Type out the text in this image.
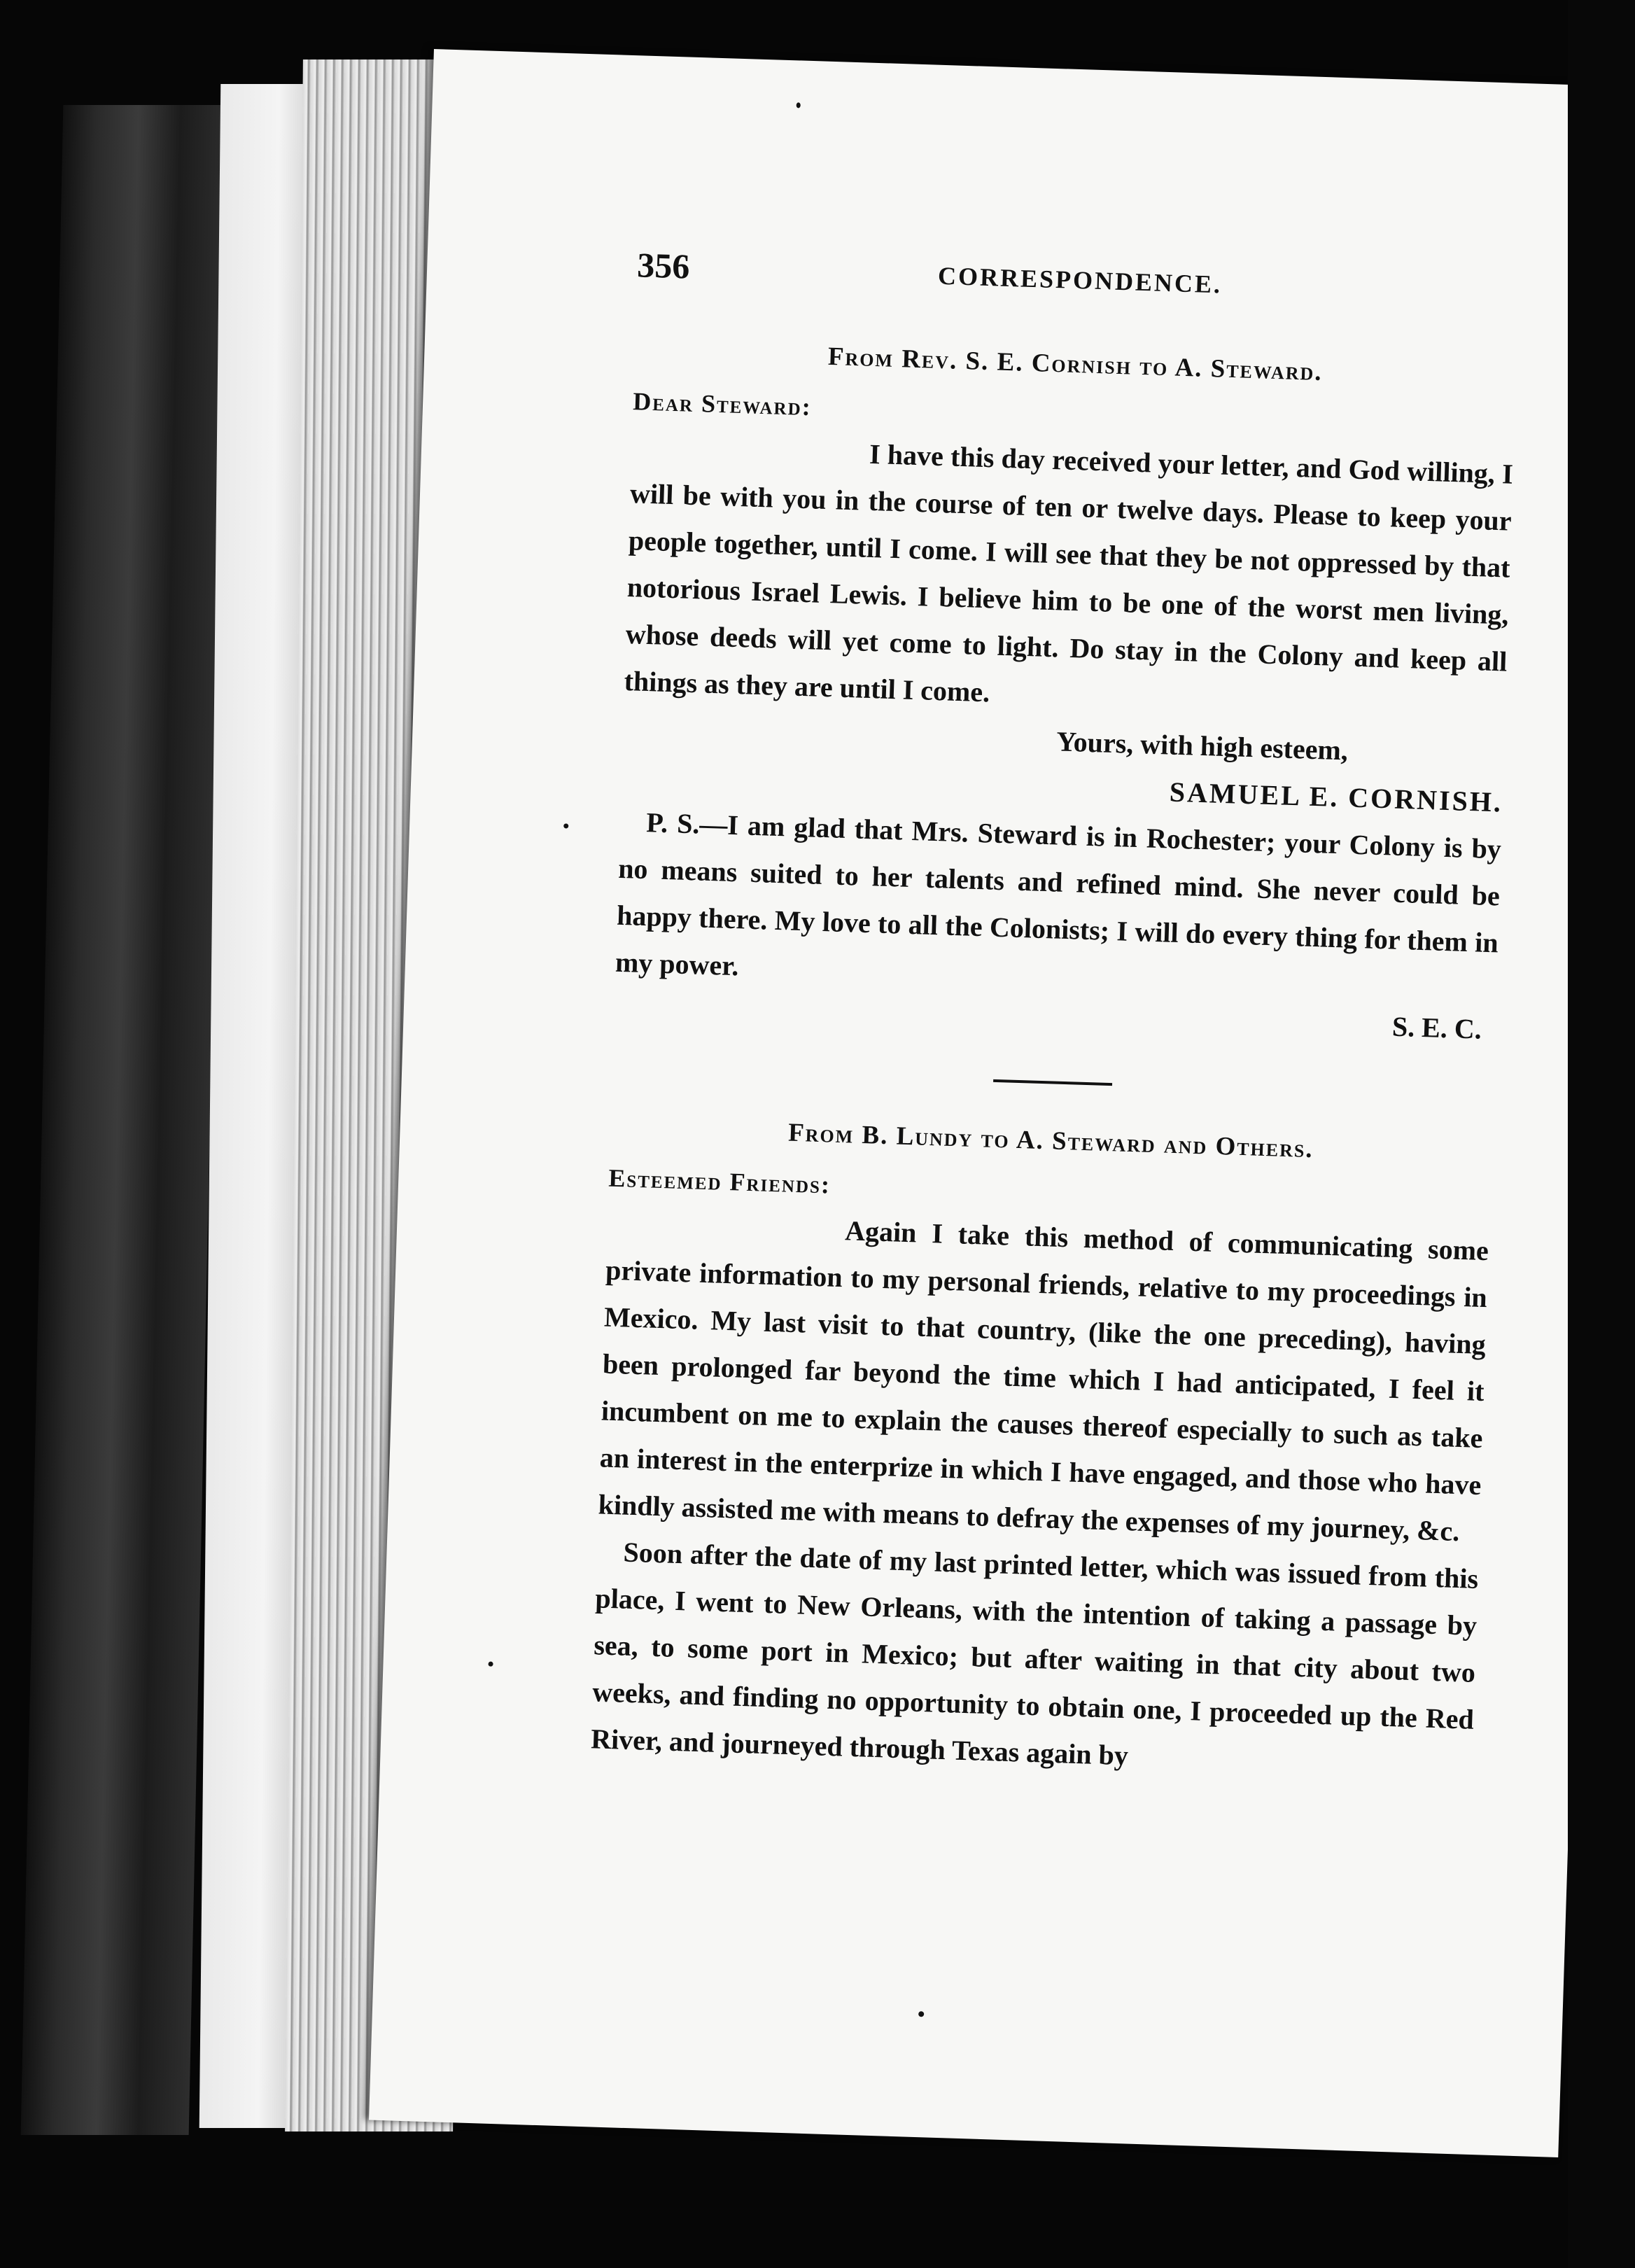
356	CORRESPONDENCE.
From Rev. S. E. Cornish to A. Steward.
Dear Steward:

I have this day received your letter, and God willing, I will be with you in the course of ten or twelve days. Please to keep your people together, until I come. I will see that they be not oppressed by that notorious Israel Lewis. I believe him to be one of the worst men living, whose deeds will yet come to light. Do stay in the Colony and keep all things as they are until I come.

Yours, with high esteem,

SAMUEL E. CORNISH.

P. S.—I am glad that Mrs. Steward is in Rochester; your Colony is by no means suited to her talents and refined mind. She never could be happy there. My love to all the Colonists; I will do every thing for them in my power.

S. E. C.

From B. Lundy to A. Steward and Others.
Esteemed Friends:

Again I take this method of communicating some private information to my personal friends, relative to my proceedings in Mexico. My last visit to that country, (like the one preceding), having been prolonged far beyond the time which I had anticipated, I feel it incumbent on me to explain the causes thereof especially to such as take an interest in the enterprize in which I have engaged, and those who have kindly assisted me with means to defray the expenses of my journey, &c.

Soon after the date of my last printed letter, which was issued from this place, I went to New Orleans, with the intention of taking a passage by sea, to some port in Mexico; but after waiting in that city about two weeks, and finding no opportunity to obtain one, I proceeded up the Red River, and journeyed through Texas again by
